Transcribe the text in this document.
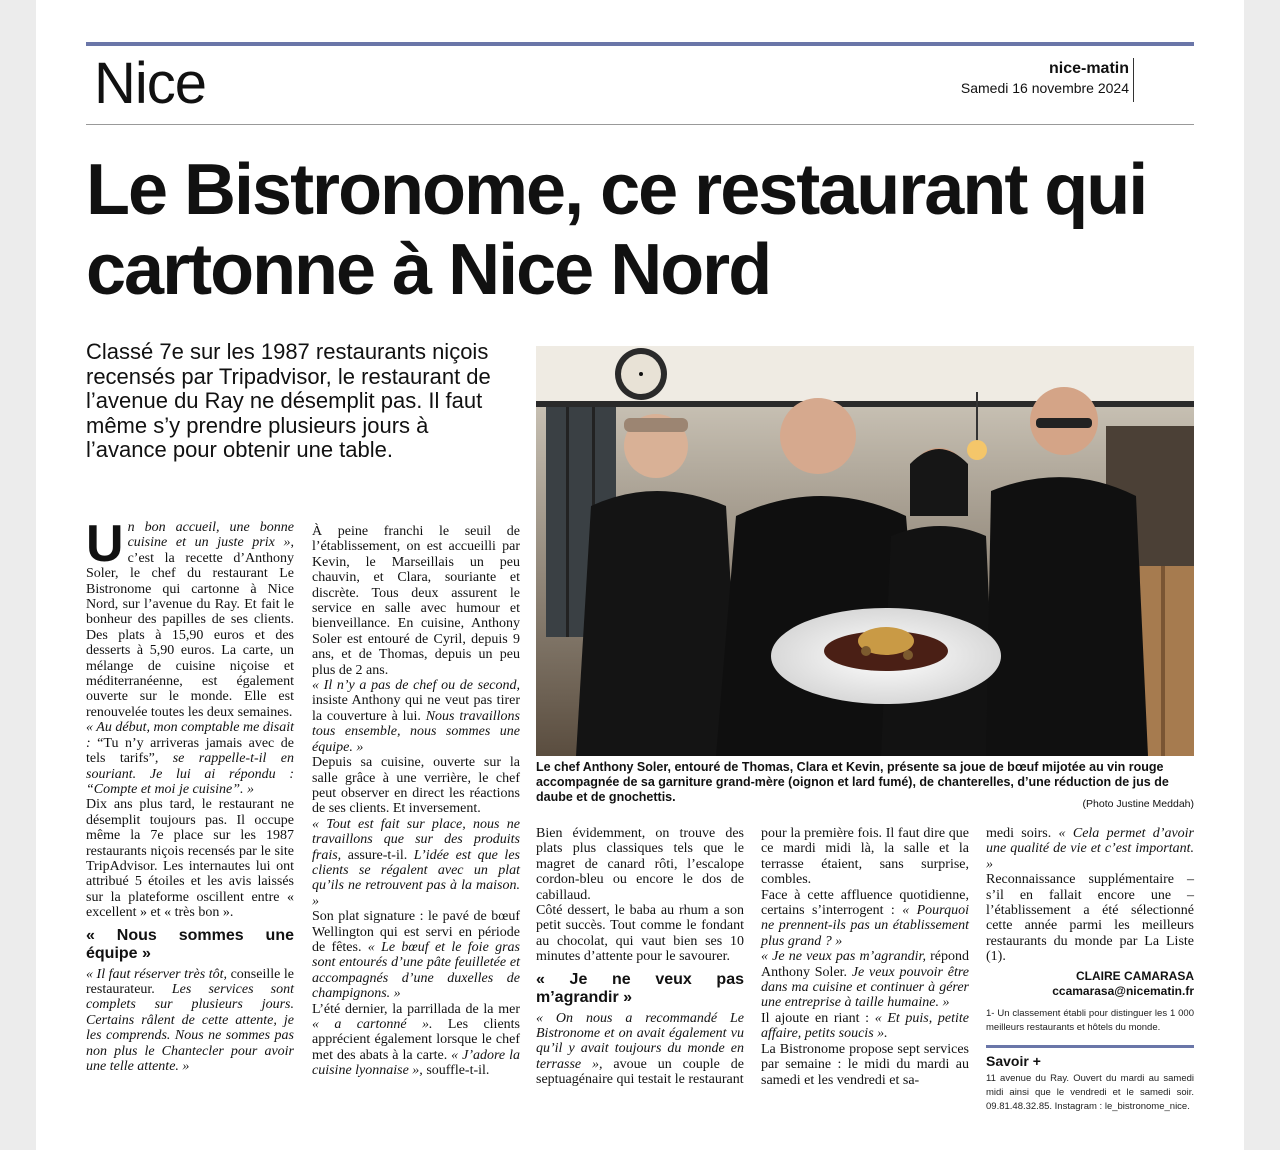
Nice	nice-matin
Samedi 16 novembre 2024
Le Bistronome, ce restaurant qui cartonne à Nice Nord
Classé 7e sur les 1987 restaurants niçois recensés par Tripadvisor, le restaurant de l’avenue du Ray ne désemplit pas. Il faut même s’y prendre plusieurs jours à l’avance pour obtenir une table.

Un bon accueil, une bonne cuisine et un juste prix », c’est la recette d’Anthony Soler, le chef du restaurant Le Bistronome qui cartonne à Nice Nord, sur l’avenue du Ray. Et fait le bonheur des papilles de ses clients. Des plats à 15,90 euros et des desserts à 5,90 euros. La carte, un mélange de cuisine niçoise et méditerranéenne, est également ouverte sur le monde. Elle est renouvelée toutes les deux semaines.

« Au début, mon comptable me disait : “Tu n’y arriveras jamais avec de tels tarifs”, se rappelle-t-il en souriant. Je lui ai répondu : “Compte et moi je cuisine”. »

Dix ans plus tard, le restaurant ne désemplit toujours pas. Il occupe même la 7e place sur les 1987 restaurants niçois recensés par le site TripAdvisor. Les internautes lui ont attribué 5 étoiles et les avis laissés sur la plateforme oscillent entre « excellent » et « très bon ».

« Nous sommes une équipe »

« Il faut réserver très tôt, conseille le restaurateur. Les services sont complets sur plusieurs jours. Certains râlent de cette attente, je les comprends. Nous ne sommes pas non plus le Chantecler pour avoir une telle attente. »

À peine franchi le seuil de l’établissement, on est accueilli par Kevin, le Marseillais un peu chauvin, et Clara, souriante et discrète. Tous deux assurent le service en salle avec humour et bienveillance. En cuisine, Anthony Soler est entouré de Cyril, depuis 9 ans, et de Thomas, depuis un peu plus de 2 ans.

« Il n’y a pas de chef ou de second, insiste Anthony qui ne veut pas tirer la couverture à lui. Nous travaillons tous ensemble, nous sommes une équipe. »

Depuis sa cuisine, ouverte sur la salle grâce à une verrière, le chef peut observer en direct les réactions de ses clients. Et inversement.

« Tout est fait sur place, nous ne travaillons que sur des produits frais, assure-t-il. L’idée est que les clients se régalent avec un plat qu’ils ne retrouvent pas à la maison. »

Son plat signature : le pavé de bœuf Wellington qui est servi en période de fêtes. « Le bœuf et le foie gras sont entourés d’une pâte feuilletée et accompagnés d’une duxelles de champignons. »

L’été dernier, la parrillada de la mer « a cartonné ». Les clients apprécient également lorsque le chef met des abats à la carte. « J’adore la cuisine lyonnaise », souffle-t-il.

Le chef Anthony Soler, entouré de Thomas, Clara et Kevin, présente sa joue de bœuf mijotée au vin rouge accompagnée de sa garniture grand-mère (oignon et lard fumé), de chanterelles, d’une réduction de jus de daube et de gnochettis.	(Photo Justine Meddah)

Bien évidemment, on trouve des plats plus classiques tels que le magret de canard rôti, l’escalope cordon-bleu ou encore le dos de cabillaud.

Côté dessert, le baba au rhum a son petit succès. Tout comme le fondant au chocolat, qui vaut bien ses 10 minutes d’attente pour le savourer.

« Je ne veux pas m’agrandir »

« On nous a recommandé Le Bistronome et on avait également vu qu’il y avait toujours du monde en terrasse », avoue un couple de septuagénaire qui testait le restaurant

pour la première fois. Il faut dire que ce mardi midi là, la salle et la terrasse étaient, sans surprise, combles.

Face à cette affluence quotidienne, certains s’interrogent : « Pourquoi ne prennent-ils pas un établissement plus grand ? »

« Je ne veux pas m’agrandir, répond Anthony Soler. Je veux pouvoir être dans ma cuisine et continuer à gérer une entreprise à taille humaine. »

Il ajoute en riant : « Et puis, petite affaire, petits soucis ».

La Bistronome propose sept services par semaine : le midi du mardi au samedi et les vendredi et sa-

medi soirs. « Cela permet d’avoir une qualité de vie et c’est important. »

Reconnaissance supplémentaire – s’il en fallait encore une – l’établissement a été sélectionné cette année parmi les meilleurs restaurants du monde par La Liste (1).

CLAIRE CAMARASA
ccamarasa@nicematin.fr
1- Un classement établi pour distinguer les 1 000 meilleurs restaurants et hôtels du monde.
Savoir +
11 avenue du Ray. Ouvert du mardi au samedi midi ainsi que le vendredi et le samedi soir. 09.81.48.32.85. Instagram : le_bistronome_nice.
